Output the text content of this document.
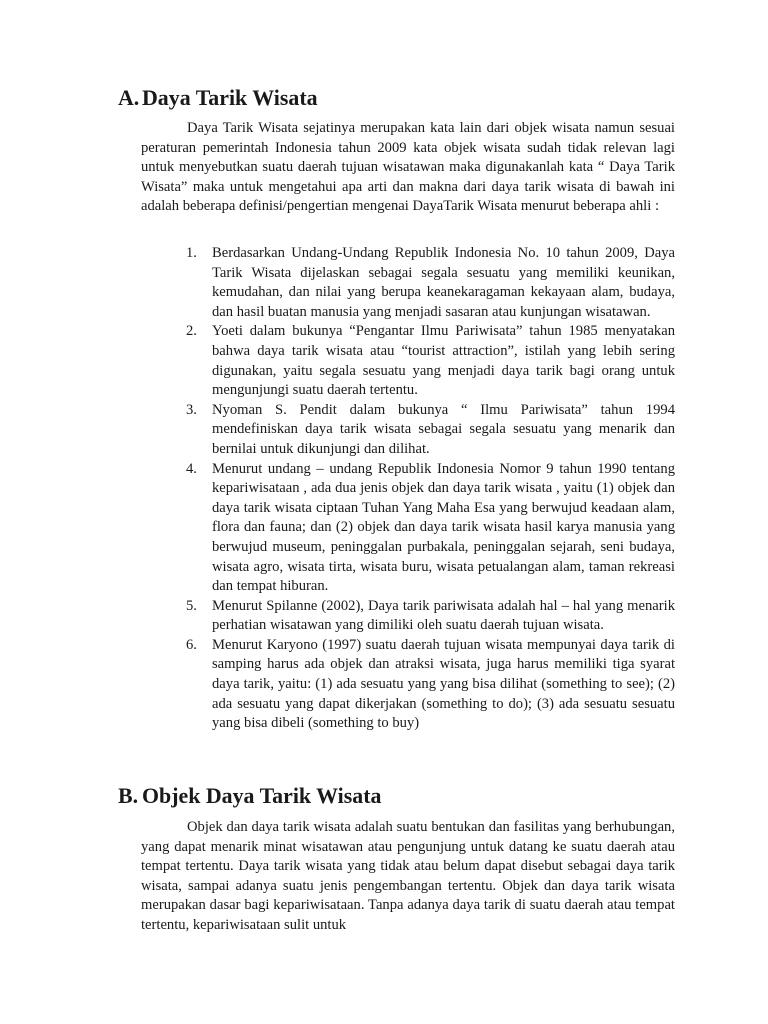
A. Daya Tarik Wisata

Daya Tarik Wisata sejatinya merupakan kata lain dari objek wisata namun sesuai peraturan pemerintah Indonesia tahun 2009 kata objek wisata sudah tidak relevan lagi untuk menyebutkan suatu daerah tujuan wisatawan maka digunakanlah kata “ Daya Tarik Wisata” maka untuk mengetahui apa arti dan makna dari daya tarik wisata di bawah ini adalah beberapa definisi/pengertian mengenai DayaTarik Wisata menurut beberapa ahli :

1. Berdasarkan Undang-Undang Republik Indonesia No. 10 tahun 2009, Daya Tarik Wisata dijelaskan sebagai segala sesuatu yang memiliki keunikan, kemudahan, dan nilai yang berupa keanekaragaman kekayaan alam, budaya, dan hasil buatan manusia yang menjadi sasaran atau kunjungan wisatawan.
2. Yoeti dalam bukunya “Pengantar Ilmu Pariwisata” tahun 1985 menyatakan bahwa daya tarik wisata atau “tourist attraction”, istilah yang lebih sering digunakan, yaitu segala sesuatu yang menjadi daya tarik bagi orang untuk mengunjungi suatu daerah tertentu.
3. Nyoman S. Pendit dalam bukunya “ Ilmu Pariwisata” tahun 1994 mendefiniskan daya tarik wisata sebagai segala sesuatu yang menarik dan bernilai untuk dikunjungi dan dilihat.
4. Menurut undang – undang Republik Indonesia Nomor 9 tahun 1990 tentang kepariwisataan , ada dua jenis objek dan daya tarik wisata , yaitu (1) objek dan daya tarik wisata ciptaan Tuhan Yang Maha Esa yang berwujud keadaan alam, flora dan fauna; dan (2) objek dan daya tarik wisata hasil karya manusia yang berwujud museum, peninggalan purbakala, peninggalan sejarah, seni budaya, wisata agro, wisata tirta, wisata buru, wisata petualangan alam, taman rekreasi dan tempat hiburan.
5. Menurut Spilanne (2002), Daya tarik pariwisata adalah hal – hal yang menarik perhatian wisatawan yang dimiliki oleh suatu daerah tujuan wisata.
6. Menurut Karyono (1997) suatu daerah tujuan wisata mempunyai daya tarik di samping harus ada objek dan atraksi wisata, juga harus memiliki tiga syarat daya tarik, yaitu: (1) ada sesuatu yang yang bisa dilihat (something to see); (2) ada sesuatu yang dapat dikerjakan (something to do); (3) ada sesuatu sesuatu yang bisa dibeli (something to buy)
B. Objek Daya Tarik Wisata

Objek dan daya tarik wisata adalah suatu bentukan dan fasilitas yang berhubungan, yang dapat menarik minat wisatawan atau pengunjung untuk datang ke suatu daerah atau tempat tertentu. Daya tarik wisata yang tidak atau belum dapat disebut sebagai daya tarik wisata, sampai adanya suatu jenis pengembangan tertentu. Objek dan daya tarik wisata merupakan dasar bagi kepariwisataan. Tanpa adanya daya tarik di suatu daerah atau tempat tertentu, kepariwisataan sulit untuk
